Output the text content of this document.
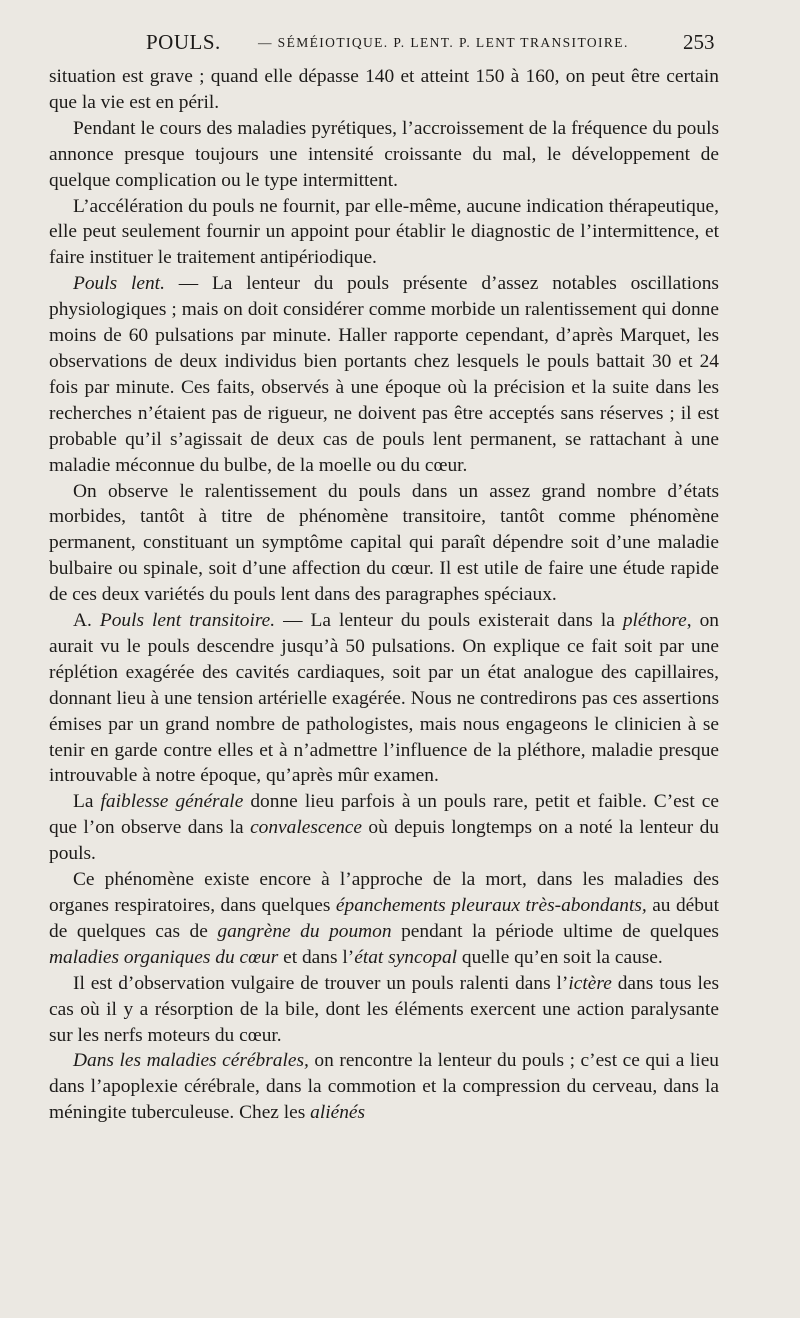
POULS.	— SÉMÉIOTIQUE. P. LENT. P. LENT TRANSITOIRE.	253

situation est grave ; quand elle dépasse 140 et atteint 150 à 160, on peut être certain que la vie est en péril.

Pendant le cours des maladies pyrétiques, l’accroissement de la fréquence du pouls annonce presque toujours une intensité croissante du mal, le développement de quelque complication ou le type intermittent.

L’accélération du pouls ne fournit, par elle-même, aucune indication thérapeutique, elle peut seulement fournir un appoint pour établir le diagnostic de l’intermittence, et faire instituer le traitement antipériodique.

Pouls lent. — La lenteur du pouls présente d’assez notables oscillations physiologiques ; mais on doit considérer comme morbide un ralentissement qui donne moins de 60 pulsations par minute. Haller rapporte cependant, d’après Marquet, les observations de deux individus bien portants chez lesquels le pouls battait 30 et 24 fois par minute. Ces faits, observés à une époque où la précision et la suite dans les recherches n’étaient pas de rigueur, ne doivent pas être acceptés sans réserves ; il est probable qu’il s’agissait de deux cas de pouls lent permanent, se rattachant à une maladie méconnue du bulbe, de la moelle ou du cœur.

On observe le ralentissement du pouls dans un assez grand nombre d’états morbides, tantôt à titre de phénomène transitoire, tantôt comme phénomène permanent, constituant un symptôme capital qui paraît dépendre soit d’une maladie bulbaire ou spinale, soit d’une affection du cœur. Il est utile de faire une étude rapide de ces deux variétés du pouls lent dans des paragraphes spéciaux.

A. Pouls lent transitoire. — La lenteur du pouls existerait dans la pléthore, on aurait vu le pouls descendre jusqu’à 50 pulsations. On explique ce fait soit par une réplétion exagérée des cavités cardiaques, soit par un état analogue des capillaires, donnant lieu à une tension artérielle exagérée. Nous ne contredirons pas ces assertions émises par un grand nombre de pathologistes, mais nous engageons le clinicien à se tenir en garde contre elles et à n’admettre l’influence de la pléthore, maladie presque introuvable à notre époque, qu’après mûr examen.

La faiblesse générale donne lieu parfois à un pouls rare, petit et faible. C’est ce que l’on observe dans la convalescence où depuis longtemps on a noté la lenteur du pouls.

Ce phénomène existe encore à l’approche de la mort, dans les maladies des organes respiratoires, dans quelques épanchements pleuraux très-abondants, au début de quelques cas de gangrène du poumon pendant la période ultime de quelques maladies organiques du cœur et dans l’état syncopal quelle qu’en soit la cause.

Il est d’observation vulgaire de trouver un pouls ralenti dans l’ictère dans tous les cas où il y a résorption de la bile, dont les éléments exercent une action paralysante sur les nerfs moteurs du cœur.

Dans les maladies cérébrales, on rencontre la lenteur du pouls ; c’est ce qui a lieu dans l’apoplexie cérébrale, dans la commotion et la compression du cerveau, dans la méningite tuberculeuse. Chez les aliénés
